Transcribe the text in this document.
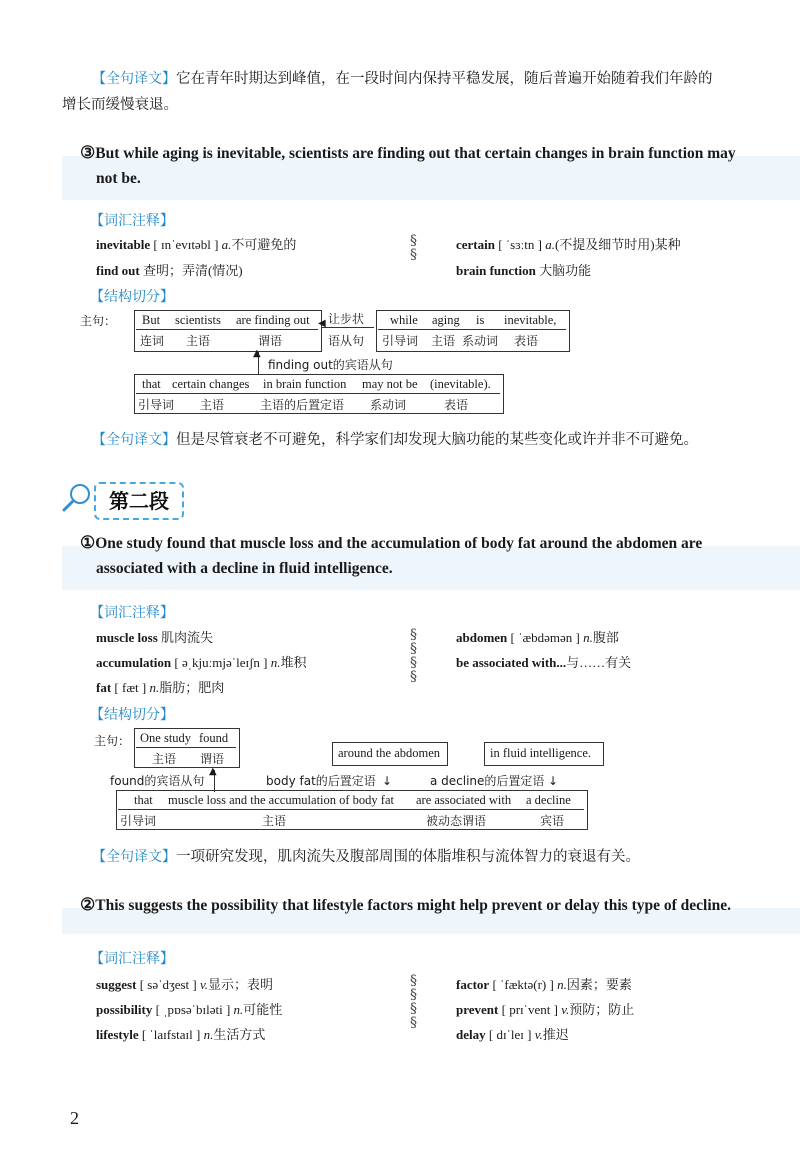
【全句译文】它在青年时期达到峰值，在一段时间内保持平稳发展，随后普遍开始随着我们年龄的
增长而缓慢衰退。
③But while aging is inevitable, scientists are finding out that certain changes in brain function may
not be.
【词汇注释】
inevitable [ ɪnˈevɪtəbl ] a.不可避免的	certain [ ˈsɜːtn ] a.(不提及细节时用)某种
find out 查明；弄清(情况)	brain function 大脑功能
§
§
【结构切分】
主句： But scientists are finding out
连词 主语	谓语
让步状
语从句
◀	while aging is inevitable,
引导词 主语 系动词 表语
▲
finding out的宾语从句
that certain changes in brain function may not be (inevitable).
引导词 主语	主语的后置定语 系动词	表语
【全句译文】但是尽管衰老不可避免，科学家们却发现大脑功能的某些变化或许并非不可避免。
第二段
①One study found that muscle loss and the accumulation of body fat around the abdomen are
associated with a decline in fluid intelligence.
【词汇注释】
muscle loss 肌肉流失	abdomen [ ˈæbdəmən ] n.腹部
accumulation [ əˌkjuːmjəˈleɪʃn ] n.堆积	be associated with...与……有关
fat [ fæt ] n.脂肪；肥肉
§
§
§
§
【结构切分】
主句： One study found
主语 谓语	around the abdomen	in fluid intelligence.
found的宾语从句
▲
body fat的后置定语 ↓	a decline的后置定语 ↓
that muscle loss and the accumulation of body fat are associated with a decline
引导词	主语	被动态谓语	宾语
【全句译文】一项研究发现，肌肉流失及腹部周围的体脂堆积与流体智力的衰退有关。
②This suggests the possibility that lifestyle factors might help prevent or delay this type of decline.
【词汇注释】
suggest [ səˈdʒest ] v.显示；表明	factor [ ˈfæktə(r) ] n.因素；要素
possibility [ ˌpɒsəˈbɪləti ] n.可能性	prevent [ prɪˈvent ] v.预防；防止
lifestyle [ ˈlaɪfstaɪl ] n.生活方式	delay [ dɪˈleɪ ] v.推迟
§
§
§
§
2
